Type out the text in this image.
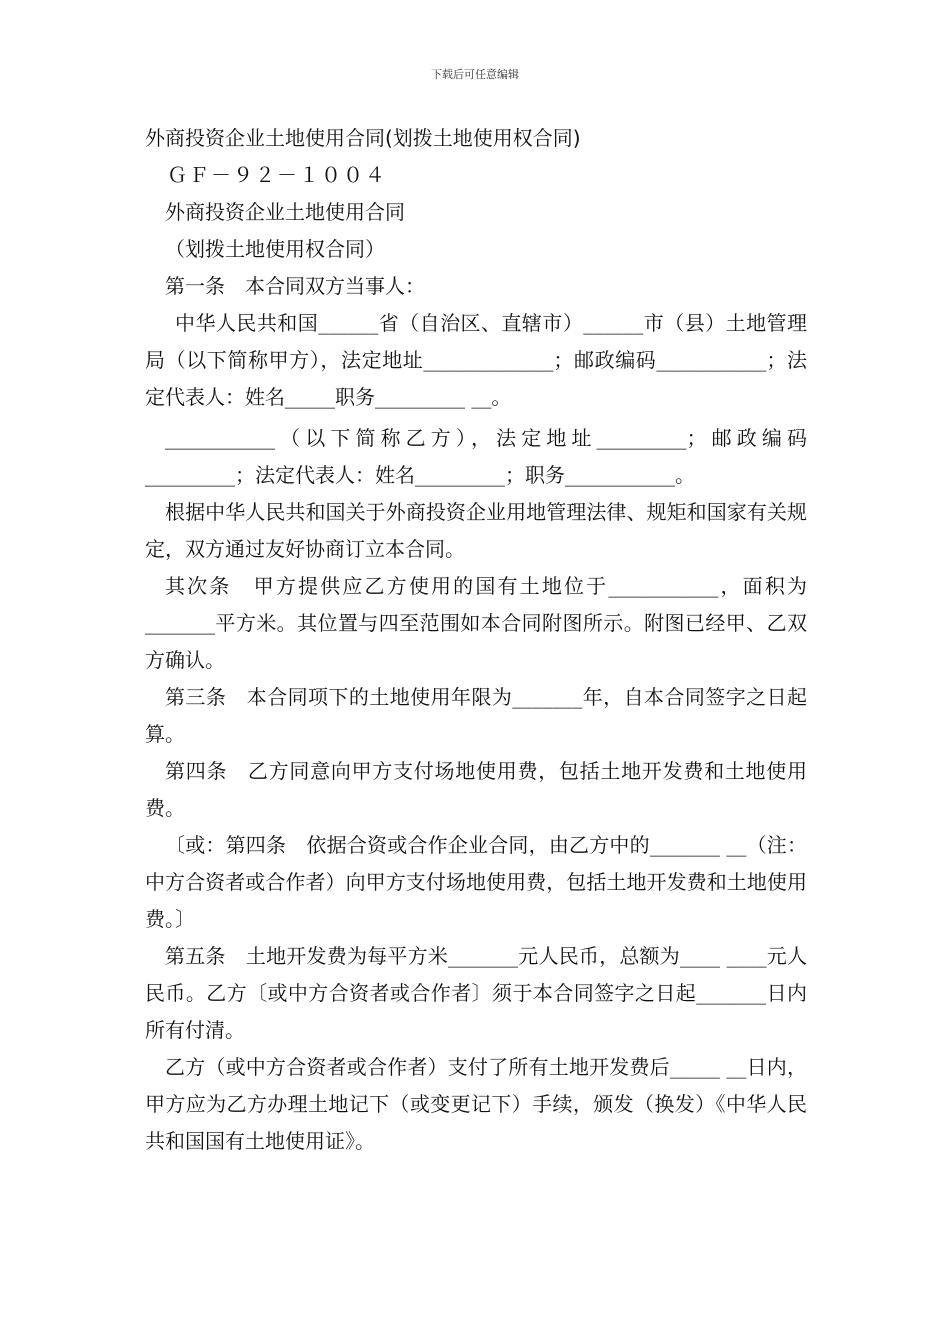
下载后可任意编辑
外商投资企业土地使用合同(划拨土地使用权合同)
ＧＦ－９２－１００４
外商投资企业土地使用合同
（划拨土地使用权合同）
第一条　本合同双方当事人：
中华人民共和国______省（自治区、直辖市）______市（县）土地管理局（以下简称甲方），法定地址_____________；邮政编码___________；法定代表人：姓名_____职务_________ __。
___________（以下简称乙方），法定地址_________；邮政编码_________；法定代表人：姓名_________；职务___________。
根据中华人民共和国关于外商投资企业用地管理法律、规矩和国家有关规定，双方通过友好协商订立本合同。
其次条　甲方提供应乙方使用的国有土地位于___________，面积为_______平方米。其位置与四至范围如本合同附图所示。附图已经甲、乙双方确认。
第三条　本合同项下的土地使用年限为_______年，自本合同签字之日起算。
第四条　乙方同意向甲方支付场地使用费，包括土地开发费和土地使用费。
〔或：第四条　依据合资或合作企业合同，由乙方中的_______ __（注：中方合资者或合作者）向甲方支付场地使用费，包括土地开发费和土地使用费。〕
第五条　土地开发费为每平方米_______元人民币，总额为____ ____元人民币。乙方〔或中方合资者或合作者〕须于本合同签字之日起_______日内所有付清。
乙方（或中方合资者或合作者）支付了所有土地开发费后_____ __日内，甲方应为乙方办理土地记下（或变更记下）手续，颁发（换发）《中华人民共和国国有土地使用证》。
